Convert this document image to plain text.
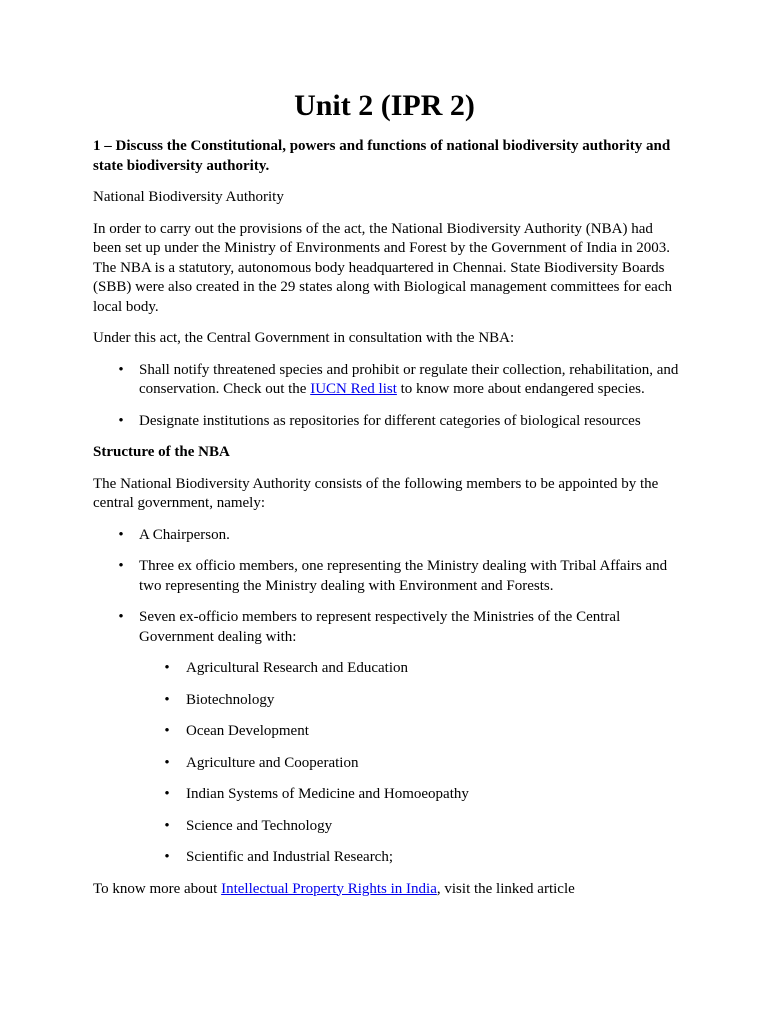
Unit 2 (IPR 2)

1 – Discuss the Constitutional, powers and functions of national biodiversity authority and state biodiversity authority.

National Biodiversity Authority

In order to carry out the provisions of the act, the National Biodiversity Authority (NBA) had been set up under the Ministry of Environments and Forest by the Government of India in 2003. The NBA is a statutory, autonomous body headquartered in Chennai. State Biodiversity Boards (SBB) were also created in the 29 states along with Biological management committees for each local body.

Under this act, the Central Government in consultation with the NBA:

• Shall notify threatened species and prohibit or regulate their collection, rehabilitation, and conservation. Check out the IUCN Red list to know more about endangered species.
• Designate institutions as repositories for different categories of biological resources

Structure of the NBA

The National Biodiversity Authority consists of the following members to be appointed by the central government, namely:

• A Chairperson.
• Three ex officio members, one representing the Ministry dealing with Tribal Affairs and two representing the Ministry dealing with Environment and Forests.
• Seven ex-officio members to represent respectively the Ministries of the Central Government dealing with:
• Agricultural Research and Education
• Biotechnology
• Ocean Development
• Agriculture and Cooperation
• Indian Systems of Medicine and Homoeopathy
• Science and Technology
• Scientific and Industrial Research;

To know more about Intellectual Property Rights in India, visit the linked article
